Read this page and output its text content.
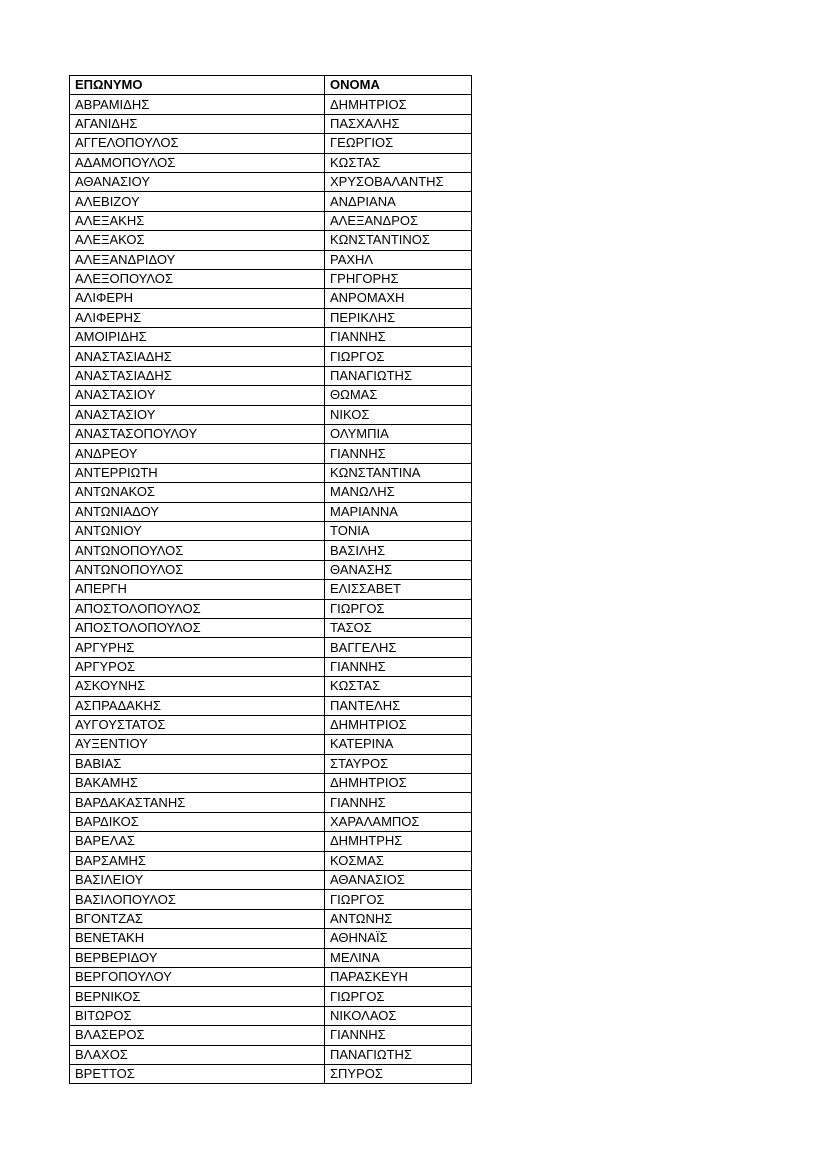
ΕΠΩΝΥΜΟ	ΟΝΟΜΑ
ΑΒΡΑΜΙΔΗΣ	ΔΗΜΗΤΡΙΟΣ
ΑΓΑΝΙΔΗΣ	ΠΑΣΧΑΛΗΣ
ΑΓΓΕΛΟΠΟΥΛΟΣ	ΓΕΩΡΓΙΟΣ
ΑΔΑΜΟΠΟΥΛΟΣ	ΚΩΣΤΑΣ
ΑΘΑΝΑΣΙΟΥ	ΧΡΥΣΟΒΑΛΑΝΤΗΣ
ΑΛΕΒΙΖΟΥ	ΑΝΔΡΙΑΝΑ
ΑΛΕΞΑΚΗΣ	ΑΛΕΞΑΝΔΡΟΣ
ΑΛΕΞΑΚΟΣ	ΚΩΝΣΤΑΝΤΙΝΟΣ
ΑΛΕΞΑΝΔΡΙΔΟΥ	ΡΑΧΗΛ
ΑΛΕΞΟΠΟΥΛΟΣ	ΓΡΗΓΟΡΗΣ
ΑΛΙΦΕΡΗ	ΑΝΡΟΜΑΧΗ
ΑΛΙΦΕΡΗΣ	ΠΕΡΙΚΛΗΣ
ΑΜΟΙΡΙΔΗΣ	ΓΙΑΝΝΗΣ
ΑΝΑΣΤΑΣΙΑΔΗΣ	ΓΙΩΡΓΟΣ
ΑΝΑΣΤΑΣΙΑΔΗΣ	ΠΑΝΑΓΙΩΤΗΣ
ΑΝΑΣΤΑΣΙΟΥ	ΘΩΜΑΣ
ΑΝΑΣΤΑΣΙΟΥ	ΝΙΚΟΣ
ΑΝΑΣΤΑΣΟΠΟΥΛΟΥ	ΟΛΥΜΠΙΑ
ΑΝΔΡΕΟΥ	ΓΙΑΝΝΗΣ
ΑΝΤΕΡΡΙΩΤΗ	ΚΩΝΣΤΑΝΤΙΝΑ
ΑΝΤΩΝΑΚΟΣ	ΜΑΝΩΛΗΣ
ΑΝΤΩΝΙΑΔΟΥ	ΜΑΡΙΑΝΝΑ
ΑΝΤΩΝΙΟΥ	ΤΟΝΙΑ
ΑΝΤΩΝΟΠΟΥΛΟΣ	ΒΑΣΙΛΗΣ
ΑΝΤΩΝΟΠΟΥΛΟΣ	ΘΑΝΑΣΗΣ
ΑΠΕΡΓΗ	ΕΛΙΣΣΑΒΕΤ
ΑΠΟΣΤΟΛΟΠΟΥΛΟΣ	ΓΙΩΡΓΟΣ
ΑΠΟΣΤΟΛΟΠΟΥΛΟΣ	ΤΑΣΟΣ
ΑΡΓΥΡΗΣ	ΒΑΓΓΕΛΗΣ
ΑΡΓΥΡΟΣ	ΓΙΑΝΝΗΣ
ΑΣΚΟΥΝΗΣ	ΚΩΣΤΑΣ
ΑΣΠΡΑΔΑΚΗΣ	ΠΑΝΤΕΛΗΣ
ΑΥΓΟΥΣΤΑΤΟΣ	ΔΗΜΗΤΡΙΟΣ
ΑΥΞΕΝΤΙΟΥ	ΚΑΤΕΡΙΝΑ
ΒΑΒΙΑΣ	ΣΤΑΥΡΟΣ
ΒΑΚΑΜΗΣ	ΔΗΜΗΤΡΙΟΣ
ΒΑΡΔΑΚΑΣΤΑΝΗΣ	ΓΙΑΝΝΗΣ
ΒΑΡΔΙΚΟΣ	ΧΑΡΑΛΑΜΠΟΣ
ΒΑΡΕΛΑΣ	ΔΗΜΗΤΡΗΣ
ΒΑΡΣΑΜΗΣ	ΚΟΣΜΑΣ
ΒΑΣΙΛΕΙΟΥ	ΑΘΑΝΑΣΙΟΣ
ΒΑΣΙΛΟΠΟΥΛΟΣ	ΓΙΩΡΓΟΣ
ΒΓΟΝΤΖΑΣ	ΑΝΤΩΝΗΣ
ΒΕΝΕΤΑΚΗ	ΑΘΗΝΑΪΣ
ΒΕΡΒΕΡΙΔΟΥ	ΜΕΛΙΝΑ
ΒΕΡΓΟΠΟΥΛΟΥ	ΠΑΡΑΣΚΕΥΗ
ΒΕΡΝΙΚΟΣ	ΓΙΩΡΓΟΣ
ΒΙΤΩΡΟΣ	ΝΙΚΟΛΑΟΣ
ΒΛΑΣΕΡΟΣ	ΓΙΑΝΝΗΣ
ΒΛΑΧΟΣ	ΠΑΝΑΓΙΩΤΗΣ
ΒΡΕΤΤΟΣ	ΣΠΥΡΟΣ
